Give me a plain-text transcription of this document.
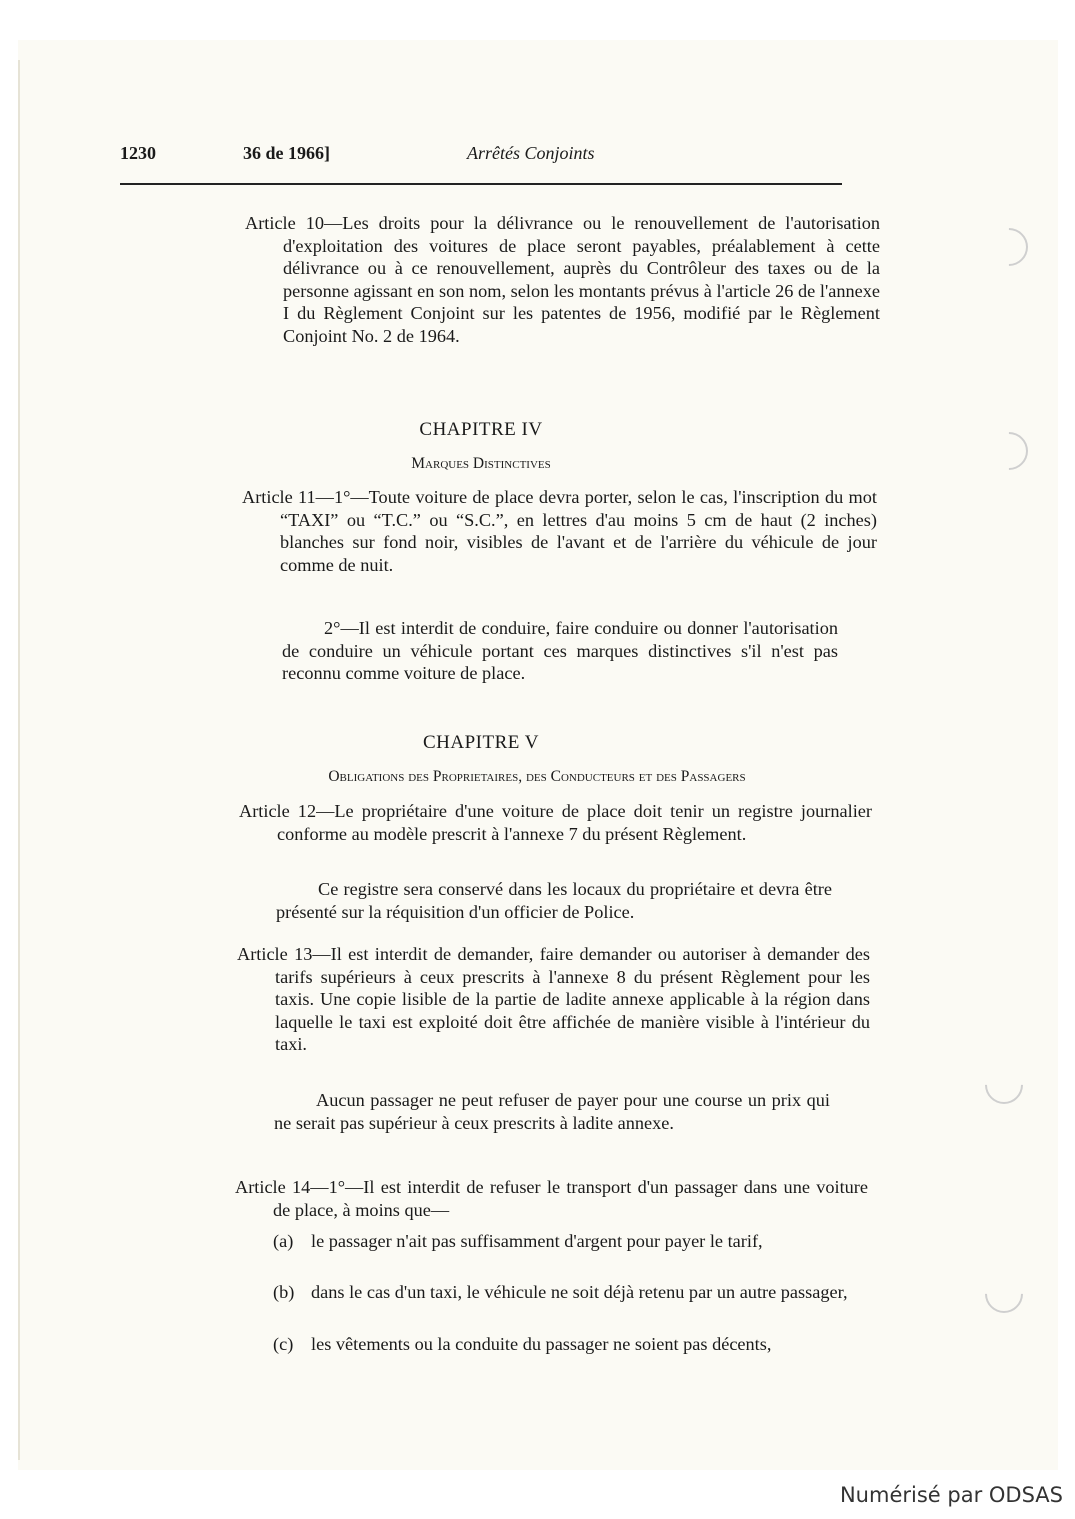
1230	36 de 1966]	Arrêtés Conjoints

Article 10—Les droits pour la délivrance ou le renouvellement de l'autorisation d'exploitation des voitures de place seront payables, préalablement à cette délivrance ou à ce renouvellement, auprès du Contrôleur des taxes ou de la personne agissant en son nom, selon les montants prévus à l'article 26 de l'annexe I du Règlement Conjoint sur les patentes de 1956, modifié par le Règlement Conjoint No. 2 de 1964.

CHAPITRE IV
Marques Distinctives

Article 11—1°—Toute voiture de place devra porter, selon le cas, l'inscription du mot “TAXI” ou “T.C.” ou “S.C.”, en lettres d'au moins 5 cm de haut (2 inches) blanches sur fond noir, visibles de l'avant et de l'arrière du véhicule de jour comme de nuit.

2°—Il est interdit de conduire, faire conduire ou donner l'autorisation de conduire un véhicule portant ces marques distinctives s'il n'est pas reconnu comme voiture de place.

CHAPITRE V
Obligations des Proprietaires, des Conducteurs et des Passagers

Article 12—Le propriétaire d'une voiture de place doit tenir un registre journalier conforme au modèle prescrit à l'annexe 7 du présent Règlement.

Ce registre sera conservé dans les locaux du propriétaire et devra être présenté sur la réquisition d'un officier de Police.

Article 13—Il est interdit de demander, faire demander ou autoriser à demander des tarifs supérieurs à ceux prescrits à l'annexe 8 du présent Règlement pour les taxis. Une copie lisible de la partie de ladite annexe applicable à la région dans laquelle le taxi est exploité doit être affichée de manière visible à l'intérieur du taxi.

Aucun passager ne peut refuser de payer pour une course un prix qui ne serait pas supérieur à ceux prescrits à ladite annexe.

Article 14—1°—Il est interdit de refuser le transport d'un passager dans une voiture de place, à moins que—

(a) le passager n'ait pas suffisamment d'argent pour payer le tarif,
(b) dans le cas d'un taxi, le véhicule ne soit déjà retenu par un autre passager,
(c) les vêtements ou la conduite du passager ne soient pas décents,
Numérisé par ODSAS
